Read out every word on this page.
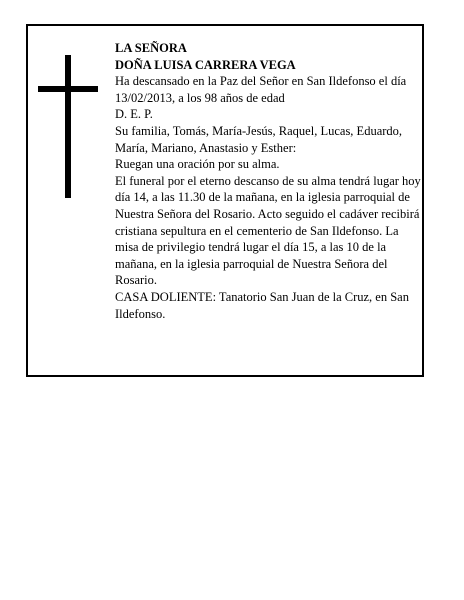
LA SEÑORA

DOÑA LUISA CARRERA VEGA

Ha descansado en la Paz del Señor en San Ildefonso el día 13/02/2013, a los 98 años de edad

D. E. P.

Su familia, Tomás, María-Jesús, Raquel, Lucas, Eduardo, María, Mariano, Anastasio y Esther:

Ruegan una oración por su alma.

El funeral por el eterno descanso de su alma tendrá lugar hoy día 14, a las 11.30 de la mañana, en la iglesia parroquial de Nuestra Señora del Rosario. Acto seguido el cadáver recibirá cristiana sepultura en el cementerio de San Ildefonso. La misa de privilegio tendrá lugar el día 15, a las 10 de la mañana, en la iglesia parroquial de Nuestra Señora del Rosario.

CASA DOLIENTE: Tanatorio San Juan de la Cruz, en San Ildefonso.
